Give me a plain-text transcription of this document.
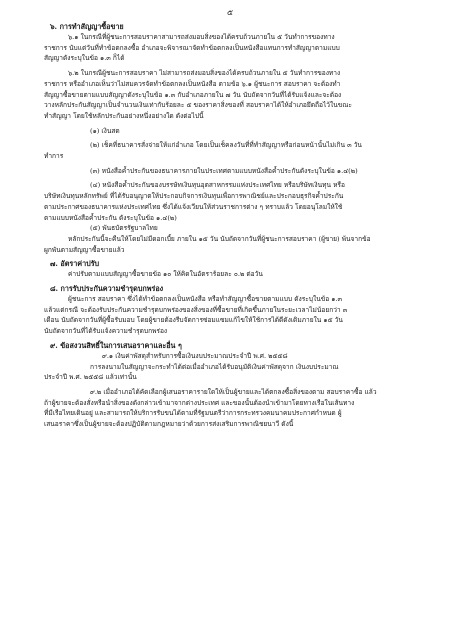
๕
๖. การทำสัญญาซื้อขาย
๖.๑ ในกรณีที่ผู้ชนะการสอบราคาสามารถส่งมอบสิ่งของได้ครบถ้วนภายใน ๕ วันทำการของทาง
ราชการ นับแต่วันที่ทำข้อตกลงซื้อ อำเภอจะพิจารณาจัดทำข้อตกลงเป็นหนังสือแทนการทำสัญญาตามแบบ
สัญญาดังระบุในข้อ ๑.๓ ก็ได้
๖.๒ ในกรณีผู้ชนะการสอบราคา ไม่สามารถส่งมอบสิ่งของได้ครบถ้วนภายใน ๕ วันทำการของทาง
ราชการ หรืออำเภอเห็นว่าไม่สมควรจัดทำข้อตกลงเป็นหนังสือ ตามข้อ ๖.๑ ผู้ชนะการ สอบราคา จะต้องทำ
สัญญาซื้อขายตามแบบสัญญาดังระบุในข้อ ๑.๓ กับอำเภอภายใน ๗ วัน นับถัดจากวันที่ได้รับแจ้งและจะต้อง
วางหลักประกันสัญญาเป็นจำนวนเงินเท่ากับร้อยละ ๕ ของราคาสิ่งของที่ สอบราคาได้ให้อำเภอยึดถือไว้ในขณะ
ทำสัญญา โดยใช้หลักประกันอย่างหนึ่งอย่างใด ดังต่อไปนี้
(๑) เงินสด
(๒) เช็คที่ธนาคารสั่งจ่ายให้แก่อำเภอ โดยเป็นเช็คลงวันที่ที่ทำสัญญาหรือก่อนหน้านั้นไม่เกิน ๓ วัน
ทำการ
(๓) หนังสือค้ำประกันของธนาคารภายในประเทศตามแบบหนังสือค้ำประกันดังระบุในข้อ ๑.๔(๒)
(๔) หนังสือค้ำประกันของบรรษัทเงินทุนอุตสาหกรรมแห่งประเทศไทย หรือบริษัทเงินทุน หรือ
บริษัทเงินทุนหลักทรัพย์ ที่ได้รับอนุญาตให้ประกอบกิจการเงินทุนเพื่อการพาณิชย์และประกอบธุรกิจค้ำประกัน
ตามประกาศของธนาคารแห่งประเทศไทย ซึ่งได้แจ้งเวียนให้ส่วนราชการต่าง ๆ ทราบแล้ว โดยอนุโลมให้ใช้
ตามแบบหนังสือค้ำประกัน ดังระบุในข้อ ๑.๔(๒)
(๕) พันธบัตรรัฐบาลไทย
หลักประกันนี้จะคืนให้โดยไม่มีดอกเบี้ย ภายใน ๑๕ วัน นับถัดจากวันที่ผู้ชนะการสอบราคา (ผู้ขาย) พ้นจากข้อ
ผูกพันตามสัญญาซื้อขายแล้ว
๗. อัตราค่าปรับ
ค่าปรับตามแบบสัญญาซื้อขายข้อ ๑๐ ให้คิดในอัตราร้อยละ ๐.๒ ต่อวัน
๘. การรับประกันความชำรุดบกพร่อง
ผู้ชนะการ สอบราคา ซึ่งได้ทำข้อตกลงเป็นหนังสือ หรือทำสัญญาซื้อขายตามแบบ ดังระบุในข้อ ๑.๓
แล้วแต่กรณี จะต้องรับประกันความชำรุดบกพร่องของสิ่งของที่ซื้อขายที่เกิดขึ้นภายในระยะเวลาไม่น้อยกว่า ๓
เดือน นับถัดจากวันที่ผู้ซื้อรับมอบ โดยผู้ขายต้องรีบจัดการซ่อมแซมแก้ไขให้ใช้การได้ดีดังเดิมภายใน ๑๕ วัน
นับถัดจากวันที่ได้รับแจ้งความชำรุดบกพร่อง
๙. ข้อสงวนสิทธิ์ในการเสนอราคาและอื่น ๆ
๙.๑ เงินค่าพัสดุสำหรับการซื้อเงินงบประมาณประจำปี พ.ศ. ๒๕๕๘
การลงนามในสัญญาจะกระทำได้ต่อเมื่ออำเภอได้รับอนุมัติเงินค่าพัสดุจาก เงินงบประมาณ
ประจำปี พ.ศ. ๒๕๕๘ แล้วเท่านั้น
๙.๒ เมื่ออำเภอได้คัดเลือกผู้เสนอราคารายใดให้เป็นผู้ขายและได้ตกลงซื้อสิ่งของตาม สอบราคาซื้อ แล้ว
ถ้าผู้ขายจะต้องสั่งหรือนำสิ่งของดังกล่าวเข้ามาจากต่างประเทศ และของนั้นต้องนำเข้ามาโดยทางเรือในเส้นทาง
ที่มีเรือไทยเดินอยู่ และสามารถให้บริการรับขนได้ตามที่รัฐมนตรีว่าการกระทรวงคมนาคมประกาศกำหนด ผู้
เสนอราคาซึ่งเป็นผู้ขายจะต้องปฏิบัติตามกฎหมายว่าด้วยการส่งเสริมการพาณิชยนาวี ดังนี้
